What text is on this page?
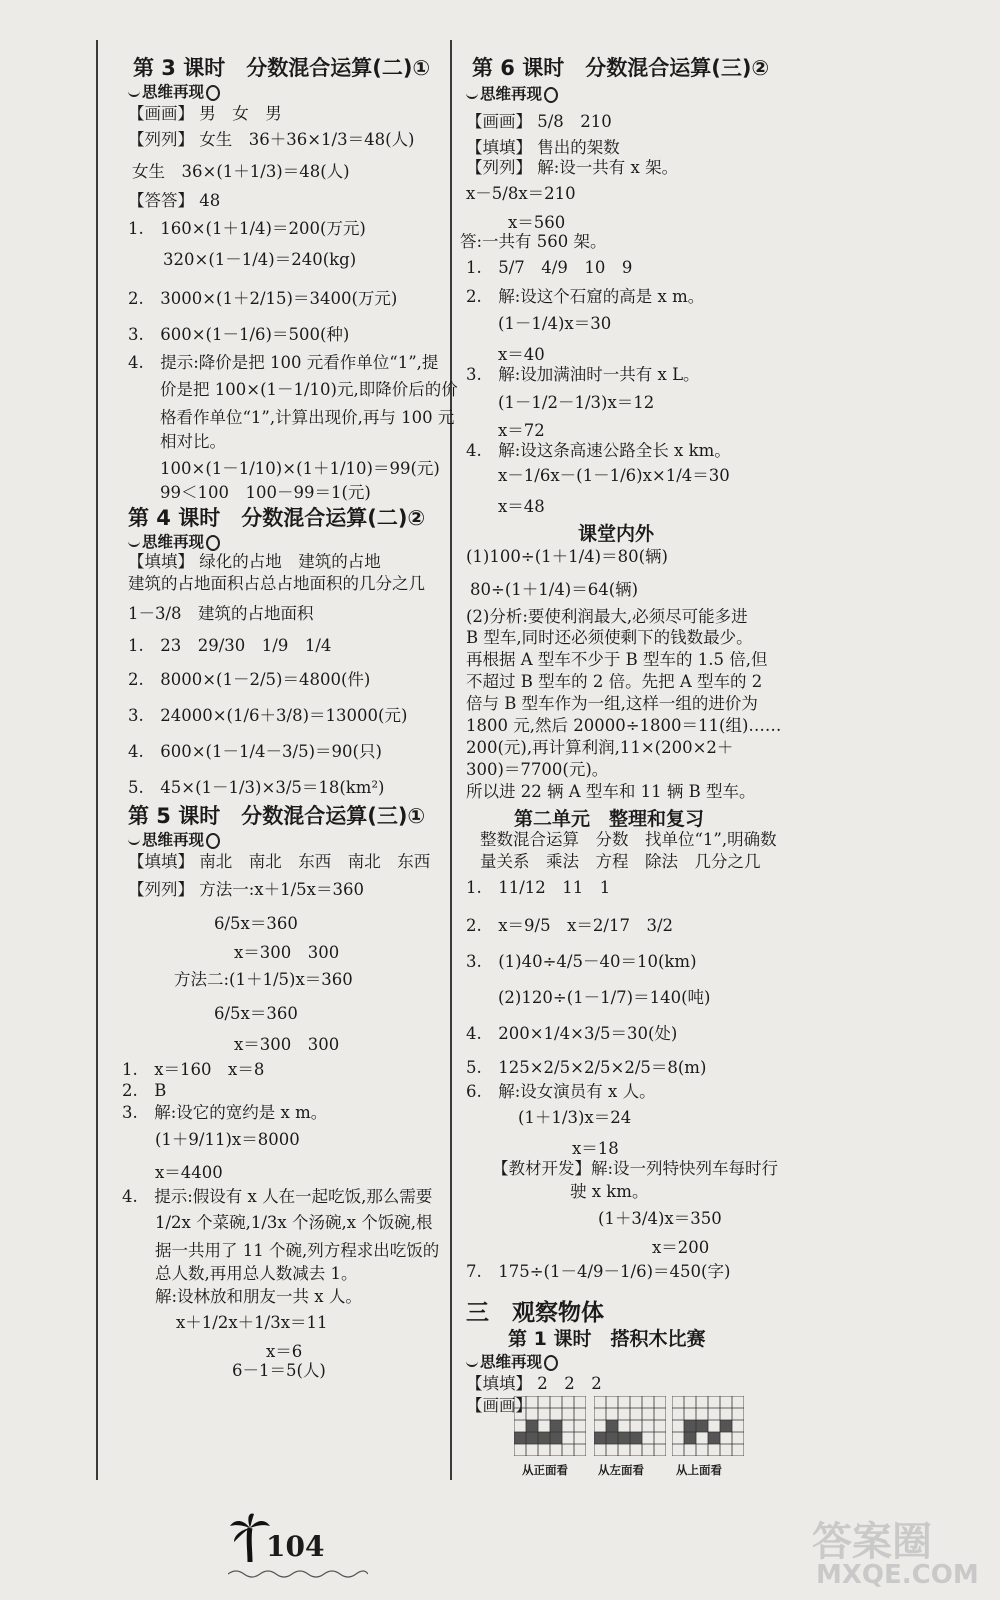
第 3 课时　分数混合运算(二)①
思维再现
【画画】 男　女　男
【列列】 女生　36＋36×1/3＝48(人)
女生　36×(1＋1/3)＝48(人)
【答答】 48
1.　160×(1＋1/4)＝200(万元)
320×(1－1/4)＝240(kg)
2.　3000×(1＋2/15)＝3400(万元)
3.　600×(1－1/6)＝500(种)
4.　提示:降价是把 100 元看作单位“1”,提
价是把 100×(1－1/10)元,即降价后的价
格看作单位“1”,计算出现价,再与 100 元
相对比。
100×(1－1/10)×(1＋1/10)＝99(元)
99＜100　100－99＝1(元)
第 4 课时　分数混合运算(二)②
思维再现
【填填】 绿化的占地　建筑的占地
建筑的占地面积占总占地面积的几分之几
1－3/8　建筑的占地面积
1.　23　29/30　1/9　1/4
2.　8000×(1－2/5)＝4800(件)
3.　24000×(1/6＋3/8)＝13000(元)
4.　600×(1－1/4－3/5)＝90(只)
5.　45×(1－1/3)×3/5＝18(km²)
第 5 课时　分数混合运算(三)①
思维再现
【填填】 南北　南北　东西　南北　东西
【列列】 方法一:x＋1/5x＝360
6/5x＝360
x＝300　300
方法二:(1＋1/5)x＝360
6/5x＝360
x＝300　300
1.　x＝160　x＝8
2.　B
3.　解:设它的宽约是 x m。
(1＋9/11)x＝8000
x＝4400
4.　提示:假设有 x 人在一起吃饭,那么需要
1/2x 个菜碗,1/3x 个汤碗,x 个饭碗,根
据一共用了 11 个碗,列方程求出吃饭的
总人数,再用总人数减去 1。
解:设林放和朋友一共 x 人。
x＋1/2x＋1/3x＝11
x＝6
6－1＝5(人)
第 6 课时　分数混合运算(三)②
思维再现
【画画】 5/8　210
【填填】 售出的架数
【列列】 解:设一共有 x 架。
x－5/8x＝210
x＝560
答:一共有 560 架。
1.　5/7　4/9　10　9
2.　解:设这个石窟的高是 x m。
(1－1/4)x＝30
x＝40
3.　解:设加满油时一共有 x L。
(1－1/2－1/3)x＝12
x＝72
4.　解:设这条高速公路全长 x km。
x－1/6x－(1－1/6)x×1/4＝30
x＝48
课堂内外
(1)100÷(1＋1/4)＝80(辆)
80÷(1＋1/4)＝64(辆)
(2)分析:要使利润最大,必须尽可能多进
B 型车,同时还必须使剩下的钱数最少。
再根据 A 型车不少于 B 型车的 1.5 倍,但
不超过 B 型车的 2 倍。先把 A 型车的 2
倍与 B 型车作为一组,这样一组的进价为
1800 元,然后 20000÷1800＝11(组)……
200(元),再计算利润,11×(200×2＋
300)＝7700(元)。
所以进 22 辆 A 型车和 11 辆 B 型车。
第二单元　整理和复习
整数混合运算　分数　找单位“1”,明确数
量关系　乘法　方程　除法　几分之几
1.　11/12　11　1
2.　x＝9/5　x＝2/17　3/2
3.　(1)40÷4/5－40＝10(km)
(2)120÷(1－1/7)＝140(吨)
4.　200×1/4×3/5＝30(处)
5.　125×2/5×2/5×2/5＝8(m)
6.　解:设女演员有 x 人。
(1＋1/3)x＝24
x＝18
【教材开发】解:设一列特快列车每时行
驶 x km。
(1＋3/4)x＝350
x＝200
7.　175÷(1－4/9－1/6)＝450(字)
三　观察物体
第 1 课时　搭积木比赛
思维再现
【填填】 2　2　2
【画画】
从正面看	从左面看	从上面看
104	答案圈
MXQE.COM
